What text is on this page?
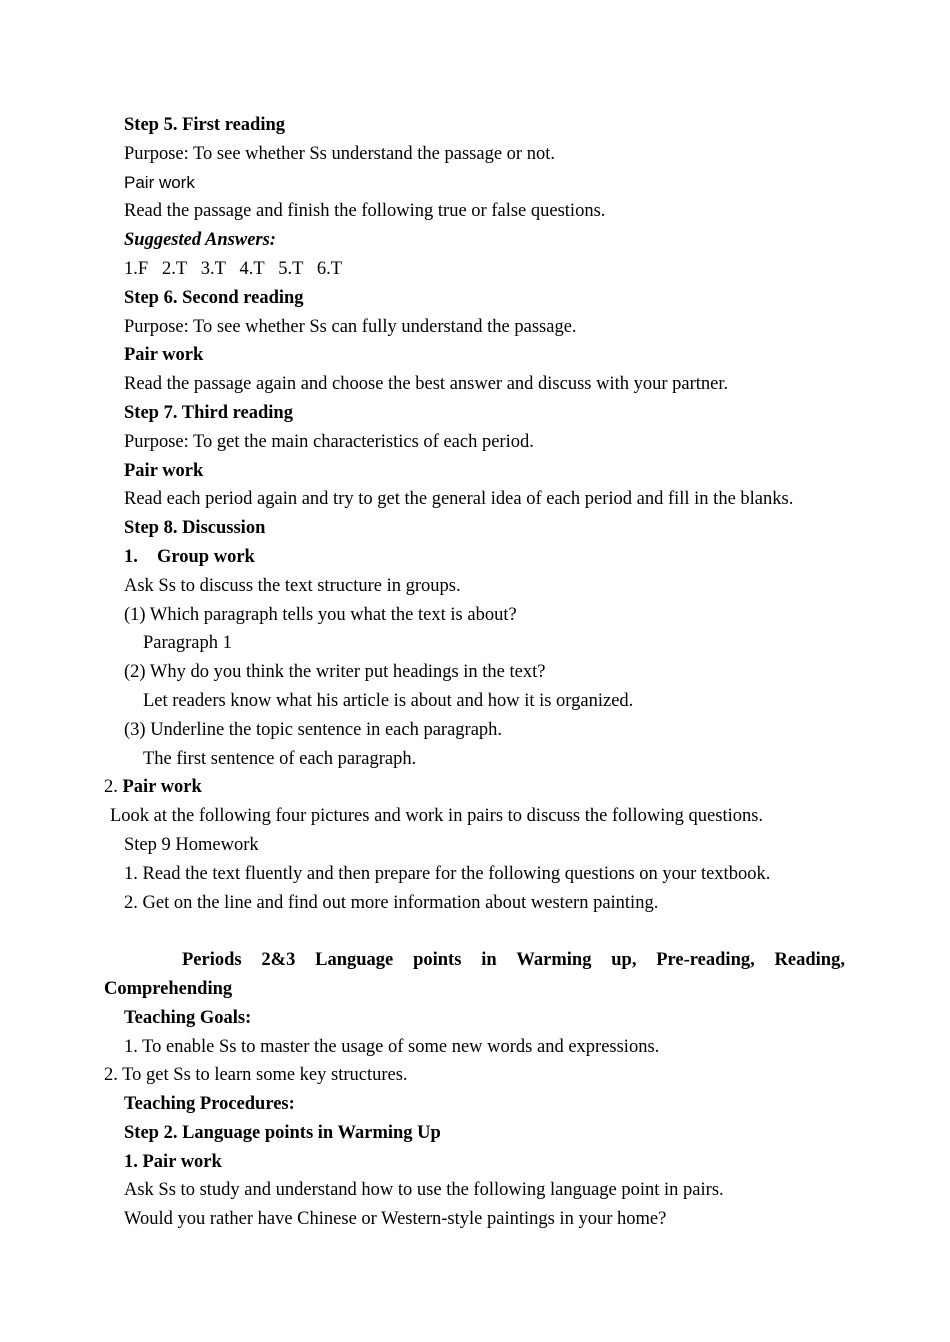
Step 5. First reading
Purpose: To see whether Ss understand the passage or not.
Pair work
Read the passage and finish the following true or false questions.
Suggested Answers:
1.F   2.T   3.T   4.T   5.T   6.T
Step 6. Second reading
Purpose: To see whether Ss can fully understand the passage.
Pair work
Read the passage again and choose the best answer and discuss with your partner.
Step 7. Third reading
Purpose: To get the main characteristics of each period.
Pair work
Read each period again and try to get the general idea of each period and fill in the blanks.
Step 8. Discussion
1. Group work
Ask Ss to discuss the text structure in groups.
(1) Which paragraph tells you what the text is about?
Paragraph 1
(2) Why do you think the writer put headings in the text?
Let readers know what his article is about and how it is organized.
(3) Underline the topic sentence in each paragraph.
The first sentence of each paragraph.
2. Pair work
Look at the following four pictures and work in pairs to discuss the following questions.
Step 9 Homework
1. Read the text fluently and then prepare for the following questions on your textbook.
2. Get on the line and find out more information about western painting.
Periods 2&3 Language points in Warming up, Pre-reading, Reading,
Comprehending
Teaching Goals:
1. To enable Ss to master the usage of some new words and expressions.
2. To get Ss to learn some key structures.
Teaching Procedures:
Step 2. Language points in Warming Up
1. Pair work
Ask Ss to study and understand how to use the following language point in pairs.
Would you rather have Chinese or Western-style paintings in your home?
